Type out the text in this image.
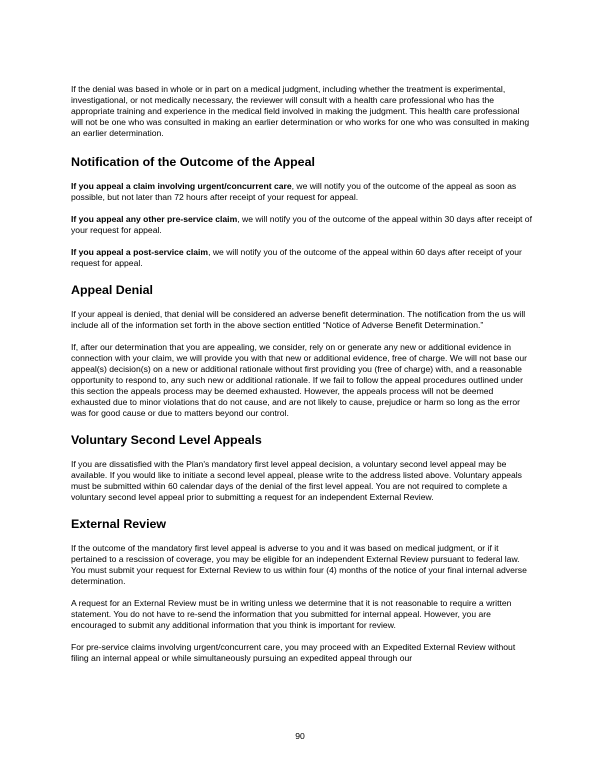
If the denial was based in whole or in part on a medical judgment, including whether the treatment is experimental, investigational, or not medically necessary, the reviewer will consult with a health care professional who has the appropriate training and experience in the medical field involved in making the judgment. This health care professional will not be one who was consulted in making an earlier determination or who works for one who was consulted in making an earlier determination.

Notification of the Outcome of the Appeal

If you appeal a claim involving urgent/concurrent care, we will notify you of the outcome of the appeal as soon as possible, but not later than 72 hours after receipt of your request for appeal.

If you appeal any other pre-service claim, we will notify you of the outcome of the appeal within 30 days after receipt of your request for appeal.

If you appeal a post-service claim, we will notify you of the outcome of the appeal within 60 days after receipt of your request for appeal.

Appeal Denial

If your appeal is denied, that denial will be considered an adverse benefit determination. The notification from the us will include all of the information set forth in the above section entitled “Notice of Adverse Benefit Determination.”

If, after our determination that you are appealing, we consider, rely on or generate any new or additional evidence in connection with your claim, we will provide you with that new or additional evidence, free of charge. We will not base our appeal(s) decision(s) on a new or additional rationale without first providing you (free of charge) with, and a reasonable opportunity to respond to, any such new or additional rationale. If we fail to follow the appeal procedures outlined under this section the appeals process may be deemed exhausted. However, the appeals process will not be deemed exhausted due to minor violations that do not cause, and are not likely to cause, prejudice or harm so long as the error was for good cause or due to matters beyond our control.

Voluntary Second Level Appeals

If you are dissatisfied with the Plan's mandatory first level appeal decision, a voluntary second level appeal may be available. If you would like to initiate a second level appeal, please write to the address listed above. Voluntary appeals must be submitted within 60 calendar days of the denial of the first level appeal. You are not required to complete a voluntary second level appeal prior to submitting a request for an independent External Review.

External Review

If the outcome of the mandatory first level appeal is adverse to you and it was based on medical judgment, or if it pertained to a rescission of coverage, you may be eligible for an independent External Review pursuant to federal law. You must submit your request for External Review to us within four (4) months of the notice of your final internal adverse determination.

A request for an External Review must be in writing unless we determine that it is not reasonable to require a written statement. You do not have to re-send the information that you submitted for internal appeal. However, you are encouraged to submit any additional information that you think is important for review.

For pre-service claims involving urgent/concurrent care, you may proceed with an Expedited External Review without filing an internal appeal or while simultaneously pursuing an expedited appeal through our

90
